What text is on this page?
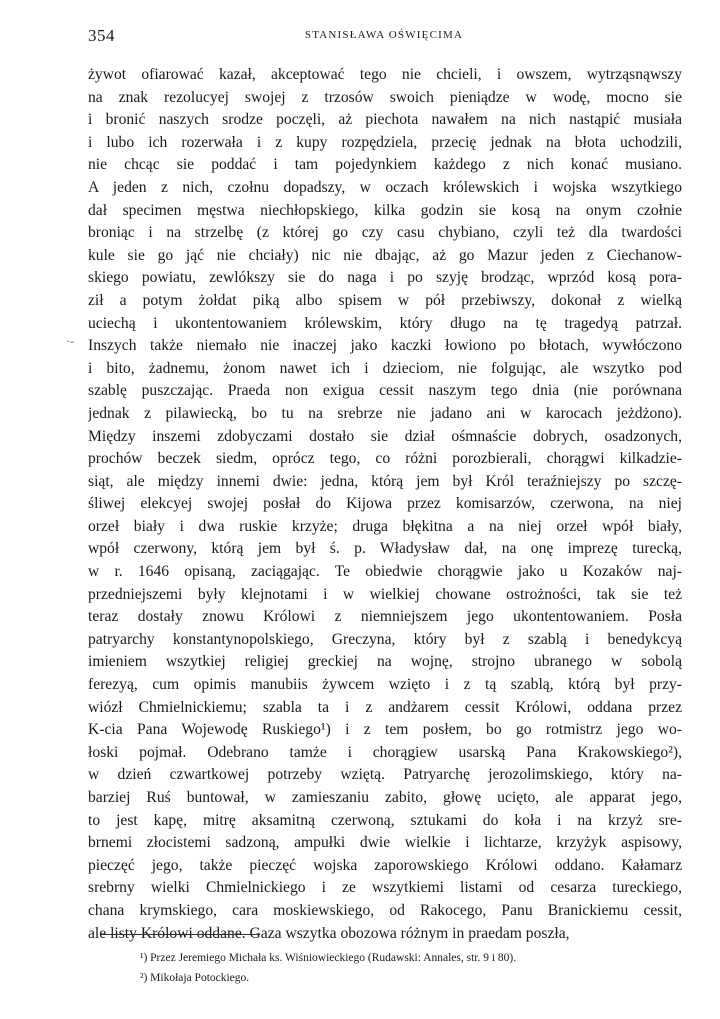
354	STANISŁAWA OŚWIĘCIMA
·-
żywot ofiarować kazał, akceptować tego nie chcieli, i owszem, wytrząsnąwszy
na znak rezolucyej swojej z trzosów swoich pieniądze w wodę, mocno sie
i bronić naszych srodze poczęli, aż piechota nawałem na nich nastąpić musiała
i lubo ich rozerwała i z kupy rozpędziela, przecię jednak na błota uchodzili,
nie chcąc sie poddać i tam pojedynkiem każdego z nich konać musiano.
A jeden z nich, czołnu dopadszy, w oczach królewskich i wojska wszytkiego
dał specimen męstwa niechłopskiego, kilka godzin sie kosą na onym czołnie
broniąc i na strzelbę (z której go czy casu chybiano, czyli też dla twardości
kule sie go jąć nie chciały) nic nie dbając, aż go Mazur jeden z Ciechanow-
skiego powiatu, zewlókszy sie do naga i po szyję brodząc, wprzód kosą pora-
ził a potym żołdat piką albo spisem w pół przebiwszy, dokonał z wielką
uciechą i ukontentowaniem królewskim, który długo na tę tragedyą patrzał.
Inszych także niemało nie inaczej jako kaczki łowiono po błotach, wywłóczono
i bito, żadnemu, żonom nawet ich i dzieciom, nie folgując, ale wszytko pod
szablę puszczając. Praeda non exigua cessit naszym tego dnia (nie porównana
jednak z pilawiecką, bo tu na srebrze nie jadano ani w karocach jeżdżono).
Między inszemi zdobyczami dostało sie dział ośmnaście dobrych, osadzonych,
prochów beczek siedm, oprócz tego, co różni porozbierali, chorągwi kilkadzie-
siąt, ale między innemi dwie: jedna, którą jem był Król teraźniejszy po szczę-
śliwej elekcyej swojej posłał do Kijowa przez komisarzów, czerwona, na niej
orzeł biały i dwa ruskie krzyże; druga błękitna a na niej orzeł wpół biały,
wpół czerwony, którą jem był ś. p. Władysław dał, na onę imprezę turecką,
w r. 1646 opisaną, zaciągając. Te obiedwie chorągwie jako u Kozaków naj-
przedniejszemi były klejnotami i w wielkiej chowane ostrożności, tak sie też
teraz dostały znowu Królowi z niemniejszem jego ukontentowaniem. Posła
patryarchy konstantynopolskiego, Greczyna, który był z szablą i benedykcyą
imieniem wszytkiej religiej greckiej na wojnę, strojno ubranego w sobolą
ferezyą, cum opimis manubiis żywcem wzięto i z tą szablą, którą był przy-
wiózł Chmielnickiemu; szabla ta i z andżarem cessit Królowi, oddana przez
K-cia Pana Wojewodę Ruskiego¹) i z tem posłem, bo go rotmistrz jego wo-
łoski pojmał. Odebrano tamże i chorągiew usarską Pana Krakowskiego²),
w dzień czwartkowej potrzeby wziętą. Patryarchę jerozolimskiego, który na-
barziej Ruś buntował, w zamieszaniu zabito, głowę ucięto, ale apparat jego,
to jest kapę, mitrę aksamitną czerwoną, sztukami do koła i na krzyż sre-
brnemi złocistemi sadzoną, ampułki dwie wielkie i lichtarze, krzyżyk aspisowy,
pieczęć jego, także pieczęć wojska zaporowskiego Królowi oddano. Kałamarz
srebrny wielki Chmielnickiego i ze wszytkiemi listami od cesarza tureckiego,
chana krymskiego, cara moskiewskiego, od Rakocego, Panu Branickiemu cessit,
ale listy Królowi oddane. Gaza wszytka obozowa różnym in praedam poszła,
¹) Przez Jeremiego Michała ks. Wiśniowieckiego (Rudawski: Annales, str. 9 i 80).
²) Mikołaja Potockiego.
